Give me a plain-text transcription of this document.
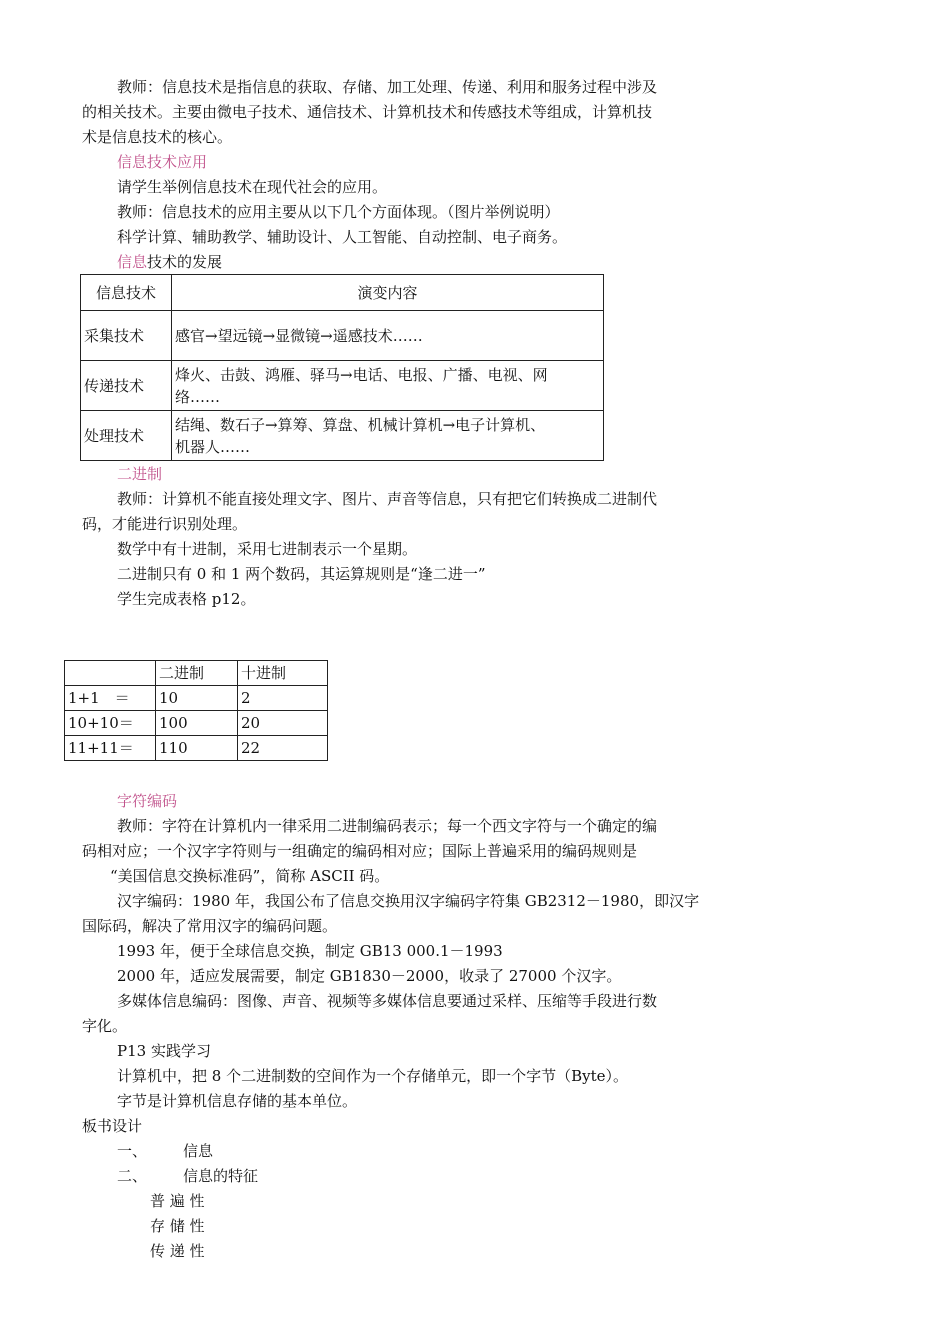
教师：信息技术是指信息的获取、存储、加工处理、传递、利用和服务过程中涉及
的相关技术。主要由微电子技术、通信技术、计算机技术和传感技术等组成，计算机技
术是信息技术的核心。
信息技术应用
请学生举例信息技术在现代社会的应用。
教师：信息技术的应用主要从以下几个方面体现。（图片举例说明）
科学计算、辅助教学、辅助设计、人工智能、自动控制、电子商务。
信息技术的发展
信息技术	演变内容
采集技术	感官→望远镜→显微镜→遥感技术……

传递技术	烽火、击鼓、鸿雁、驿马→电话、电报、广播、电视、网
络……

处理技术	结绳、数石子→算筹、算盘、机械计算机→电子计算机、
机器人……
二进制
教师：计算机不能直接处理文字、图片、声音等信息，只有把它们转换成二进制代
码，才能进行识别处理。
数学中有十进制，采用七进制表示一个星期。
二进制只有 0 和 1 两个数码，其运算规则是“逢二进一”
学生完成表格 p12。
	二进制	十进制
1+1　＝	10	2
10+10＝	100	20
11+11＝	110	22
字符编码
教师：字符在计算机内一律采用二进制编码表示；每一个西文字符与一个确定的编
码相对应；一个汉字字符则与一组确定的编码相对应；国际上普遍采用的编码规则是
“美国信息交换标准码”，简称 ASCII 码。
汉字编码：1980 年，我国公布了信息交换用汉字编码字符集 GB2312－1980，即汉字
国际码，解决了常用汉字的编码问题。
1993 年，便于全球信息交换，制定 GB13 000.1－1993
2000 年，适应发展需要，制定 GB1830－2000，收录了 27000 个汉字。
多媒体信息编码：图像、声音、视频等多媒体信息要通过采样、压缩等手段进行数
字化。
P13 实践学习
计算机中，把 8 个二进制数的空间作为一个存储单元，即一个字节（Byte）。
字节是计算机信息存储的基本单位。
板书设计
一、 信息
二、 信息的特征
普 遍 性
存 储 性
传 递 性
